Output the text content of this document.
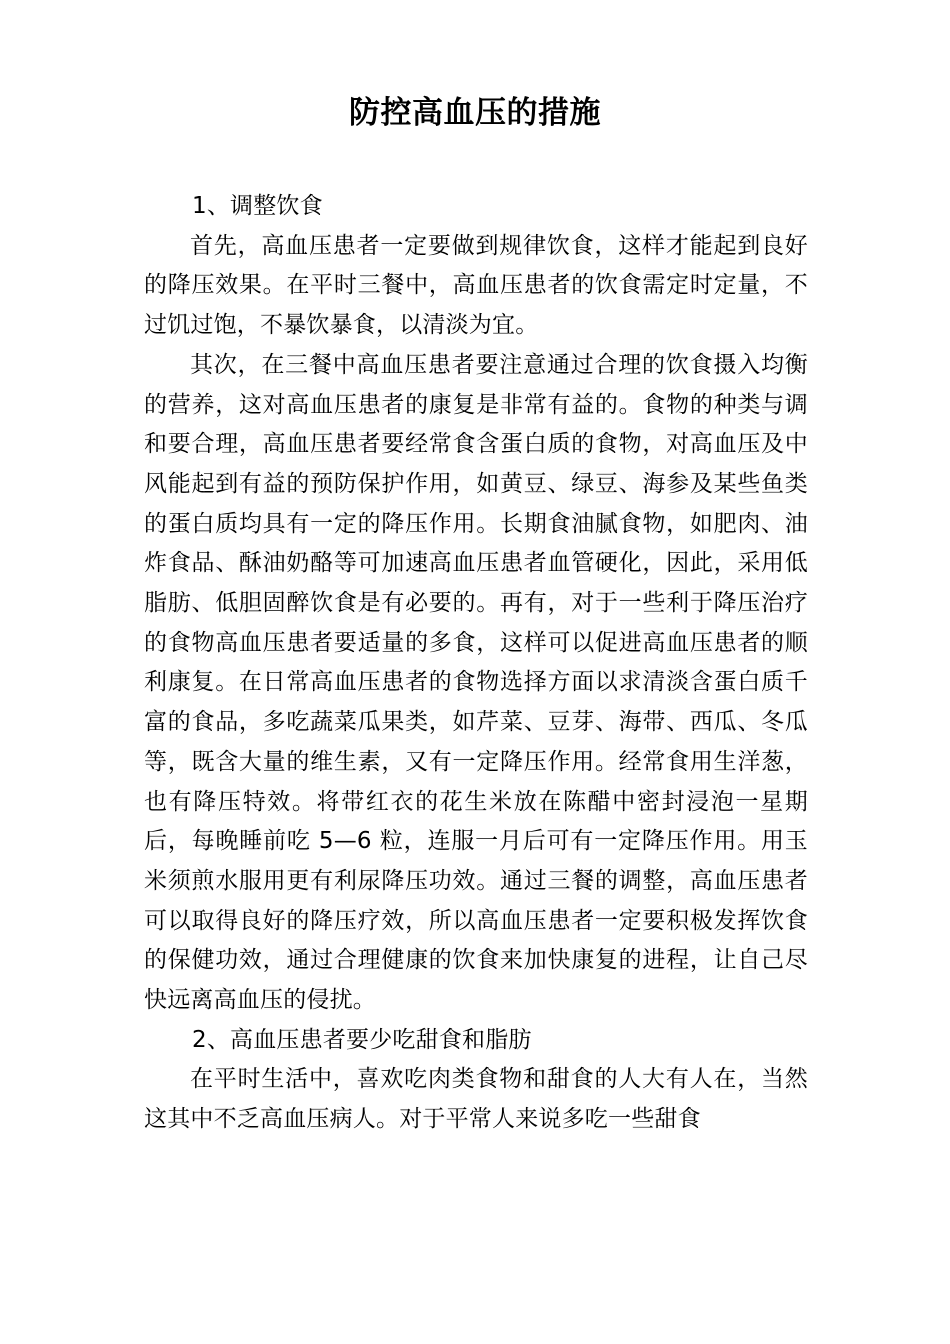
防控高血压的措施

1、调整饮食

首先，高血压患者一定要做到规律饮食，这样才能起到良好的降压效果。在平时三餐中，高血压患者的饮食需定时定量，不过饥过饱，不暴饮暴食，以清淡为宜。

其次，在三餐中高血压患者要注意通过合理的饮食摄入均衡的营养，这对高血压患者的康复是非常有益的。食物的种类与调和要合理，高血压患者要经常食含蛋白质的食物，对高血压及中风能起到有益的预防保护作用，如黄豆、绿豆、海参及某些鱼类的蛋白质均具有一定的降压作用。长期食油腻食物，如肥肉、油炸食品、酥油奶酪等可加速高血压患者血管硬化，因此，采用低脂肪、低胆固醉饮食是有必要的。再有，对于一些利于降压治疗的食物高血压患者要适量的多食，这样可以促进高血压患者的顺利康复。在日常高血压患者的食物选择方面以求清淡含蛋白质千富的食品，多吃蔬菜瓜果类，如芹菜、豆芽、海带、西瓜、冬瓜等，既含大量的维生素，又有一定降压作用。经常食用生洋葱，也有降压特效。将带红衣的花生米放在陈醋中密封浸泡一星期后，每晚睡前吃 5—6 粒，连服一月后可有一定降压作用。用玉米须煎水服用更有利尿降压功效。通过三餐的调整，高血压患者可以取得良好的降压疗效，所以高血压患者一定要积极发挥饮食的保健功效，通过合理健康的饮食来加快康复的进程，让自己尽快远离高血压的侵扰。

2、高血压患者要少吃甜食和脂肪

在平时生活中，喜欢吃肉类食物和甜食的人大有人在，当然这其中不乏高血压病人。对于平常人来说多吃一些甜食
